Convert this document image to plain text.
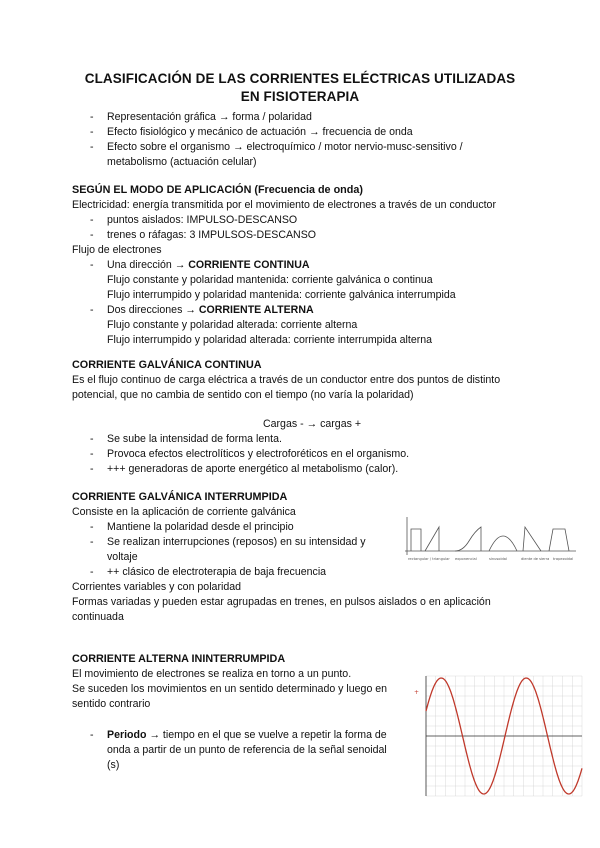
CLASIFICACIÓN DE LAS CORRIENTES ELÉCTRICAS UTILIZADAS
EN FISIOTERAPIA
- Representación gráfica → forma / polaridad
- Efecto fisiológico y mecánico de actuación → frecuencia de onda
- Efecto sobre el organismo → electroquímico / motor nervio-musc-sensitivo /
metabolismo (actuación celular)
SEGÚN EL MODO DE APLICACIÓN (Frecuencia de onda)
Electricidad: energía transmitida por el movimiento de electrones a través de un conductor
- puntos aislados: IMPULSO-DESCANSO
- trenes o ráfagas: 3 IMPULSOS-DESCANSO
Flujo de electrones
- Una dirección → CORRIENTE CONTINUA
Flujo constante y polaridad mantenida: corriente galvánica o continua
Flujo interrumpido y polaridad mantenida: corriente galvánica interrumpida
- Dos direcciones → CORRIENTE ALTERNA
Flujo constante y polaridad alterada: corriente alterna
Flujo interrumpido y polaridad alterada: corriente interrumpida alterna
CORRIENTE GALVÁNICA CONTINUA
Es el flujo continuo de carga eléctrica a través de un conductor entre dos puntos de distinto
potencial, que no cambia de sentido con el tiempo (no varía la polaridad)
Cargas - → cargas +
- Se sube la intensidad de forma lenta.
- Provoca efectos electrolíticos y electroforéticos en el organismo.
- +++ generadoras de aporte energético al metabolismo (calor).
CORRIENTE GALVÁNICA INTERRUMPIDA
Consiste en la aplicación de corriente galvánica
- Mantiene la polaridad desde el principio
- Se realizan interrupciones (reposos) en su intensidad y
voltaje
- ++ clásico de electroterapia de baja frecuencia
Corrientes variables y con polaridad
Formas variadas y pueden estar agrupadas en trenes, en pulsos aislados o en aplicación
continuada
rectangular / triangular exponencial	sinusoidal	diente de sierra trapezoidal
CORRIENTE ALTERNA ININTERRUMPIDA
El movimiento de electrones se realiza en torno a un punto.
Se suceden los movimientos en un sentido determinado y luego en
sentido contrario
- Periodo → tiempo en el que se vuelve a repetir la forma de
onda a partir de un punto de referencia de la señal senoidal
(s)
+
